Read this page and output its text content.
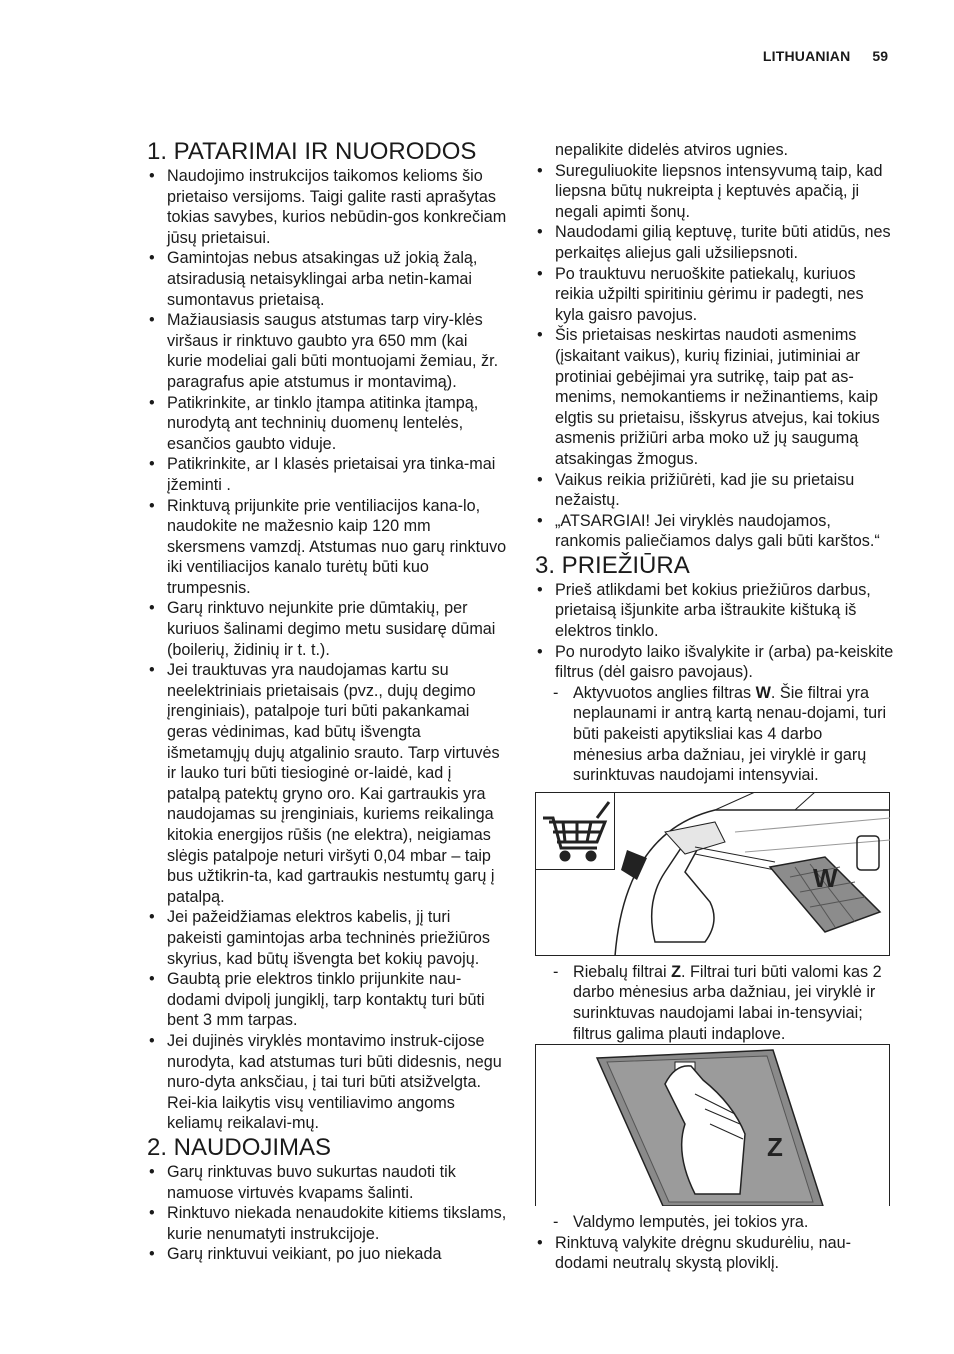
LITHUANIAN 59
1. PATARIMAI IR NUORODOS
• Naudojimo instrukcijos taikomos kelioms šio prietaiso versijoms. Taigi galite rasti aprašytas tokias savybes, kurios nebūdin-gos konkrečiam jūsų prietaisui.
• Gamintojas nebus atsakingas už jokią žalą, atsiradusią netaisyklingai arba netin-kamai sumontavus prietaisą.
• Mažiausiasis saugus atstumas tarp viry-klės viršaus ir rinktuvo gaubto yra 650 mm (kai kurie modeliai gali būti montuojami žemiau, žr. paragrafus apie atstumus ir montavimą).
• Patikrinkite, ar tinklo įtampa atitinka įtampą, nurodytą ant techninių duomenų lentelės, esančios gaubto viduje.
• Patikrinkite, ar I klasės prietaisai yra tinka-mai įžeminti .
• Rinktuvą prijunkite prie ventiliacijos kana-lo, naudokite ne mažesnio kaip 120 mm skersmens vamzdį. Atstumas nuo garų rinktuvo iki ventiliacijos kanalo turėtų būti kuo trumpesnis.
• Garų rinktuvo nejunkite prie dūmtakių, per kuriuos šalinami degimo metu susidarę dūmai (boilerių, židinių ir t. t.).
• Jei trauktuvas yra naudojamas kartu su neelektriniais prietaisais (pvz., dujų degimo įrenginiais), patalpoje turi būti pakankamai geras vėdinimas, kad būtų išvengta išmetamųjų dujų atgalinio srauto. Tarp virtuvės ir lauko turi būti tiesioginė or-laidė, kad į patalpą patektų gryno oro. Kai gartraukis yra naudojamas su įrenginiais, kuriems reikalinga kitokia energijos rūšis (ne elektra), neigiamas slėgis patalpoje neturi viršyti 0,04 mbar – taip bus užtikrin-ta, kad gartraukis nestumtų garų į patalpą.
• Jei pažeidžiamas elektros kabelis, jį turi pakeisti gamintojas arba techninės priežiūros skyrius, kad būtų išvengta bet kokių pavojų.
• Gaubtą prie elektros tinklo prijunkite nau-dodami dvipolį jungiklį, tarp kontaktų turi būti bent 3 mm tarpas.
• Jei dujinės viryklės montavimo instruk-cijose nurodyta, kad atstumas turi būti didesnis, negu nuro-dyta anksčiau, į tai turi būti atsižvelgta. Rei-kia laikytis visų ventiliavimo angoms keliamų reikalavi-mų.
2. NAUDOJIMAS
• Garų rinktuvas buvo sukurtas naudoti tik namuose virtuvės kvapams šalinti.
• Rinktuvo niekada nenaudokite kitiems tikslams, kurie nenumatyti instrukcijoje.
• Garų rinktuvui veikiant, po juo niekada
nepalikite didelės atviros ugnies.
• Sureguliuokite liepsnos intensyvumą taip, kad liepsna būtų nukreipta į keptuvės apačią, ji negali apimti šonų.
• Naudodami gilią keptuvę, turite būti atidūs, nes perkaitęs aliejus gali užsiliepsnoti.
• Po trauktuvu neruoškite patiekalų, kuriuos reikia užpilti spiritiniu gėrimu ir padegti, nes kyla gaisro pavojus.
• Šis prietaisas neskirtas naudoti asmenims (įskaitant vaikus), kurių fiziniai, jutiminiai ar protiniai gebėjimai yra sutrikę, taip pat as-menims, nemokantiems ir nežinantiems, kaip elgtis su prietaisu, išskyrus atvejus, kai tokius asmenis prižiūri arba moko už jų saugumą atsakingas žmogus.
• Vaikus reikia prižiūrėti, kad jie su prietaisu nežaistų.
• „ATSARGIAI! Jei viryklės naudojamos, rankomis paliečiamos dalys gali būti karštos.“
3. PRIEŽIŪRA
• Prieš atlikdami bet kokius priežiūros darbus, prietaisą išjunkite arba ištraukite kištuką iš elektros tinklo.
• Po nurodyto laiko išvalykite ir (arba) pa-keiskite filtrus (dėl gaisro pavojaus).
- Aktyvuotos anglies filtras W. Šie filtrai yra neplaunami ir antrą kartą nenau-dojami, turi būti pakeisti apytiksliai kas 4 darbo mėnesius arba dažniau, jei viryklė ir garų surinktuvas naudojami intensyviai.
W
- Riebalų filtrai Z. Filtrai turi būti valomi kas 2 darbo mėnesius arba dažniau, jei viryklė ir surinktuvas naudojami labai in-tensyviai; filtrus galima plauti indaplove.
Z
- Valdymo lemputės, jei tokios yra.
• Rinktuvą valykite drėgnu skudurėliu, nau-dodami neutralų skystą ploviklį.
